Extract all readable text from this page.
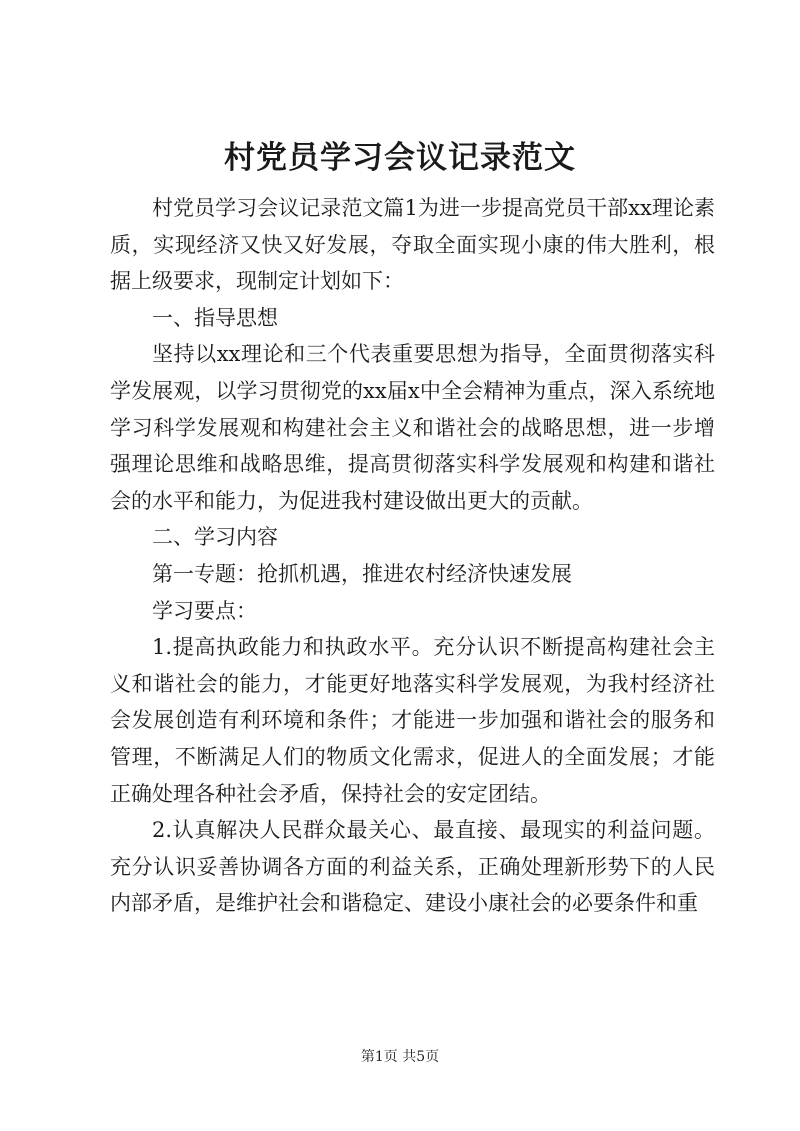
村党员学习会议记录范文

村党员学习会议记录范文篇1为进一步提高党员干部xx理论素质，实现经济又快又好发展，夺取全面实现小康的伟大胜利，根据上级要求，现制定计划如下：

一、指导思想

坚持以xx理论和三个代表重要思想为指导，全面贯彻落实科学发展观，以学习贯彻党的xx届x中全会精神为重点，深入系统地学习科学发展观和构建社会主义和谐社会的战略思想，进一步增强理论思维和战略思维，提高贯彻落实科学发展观和构建和谐社会的水平和能力，为促进我村建设做出更大的贡献。

二、学习内容

第一专题：抢抓机遇，推进农村经济快速发展

学习要点：

1.提高执政能力和执政水平。充分认识不断提高构建社会主义和谐社会的能力，才能更好地落实科学发展观，为我村经济社会发展创造有利环境和条件；才能进一步加强和谐社会的服务和管理，不断满足人们的物质文化需求，促进人的全面发展；才能正确处理各种社会矛盾，保持社会的安定团结。

2.认真解决人民群众最关心、最直接、最现实的利益问题。充分认识妥善协调各方面的利益关系，正确处理新形势下的人民内部矛盾，是维护社会和谐稳定、建设小康社会的必要条件和重

第1页 共5页
